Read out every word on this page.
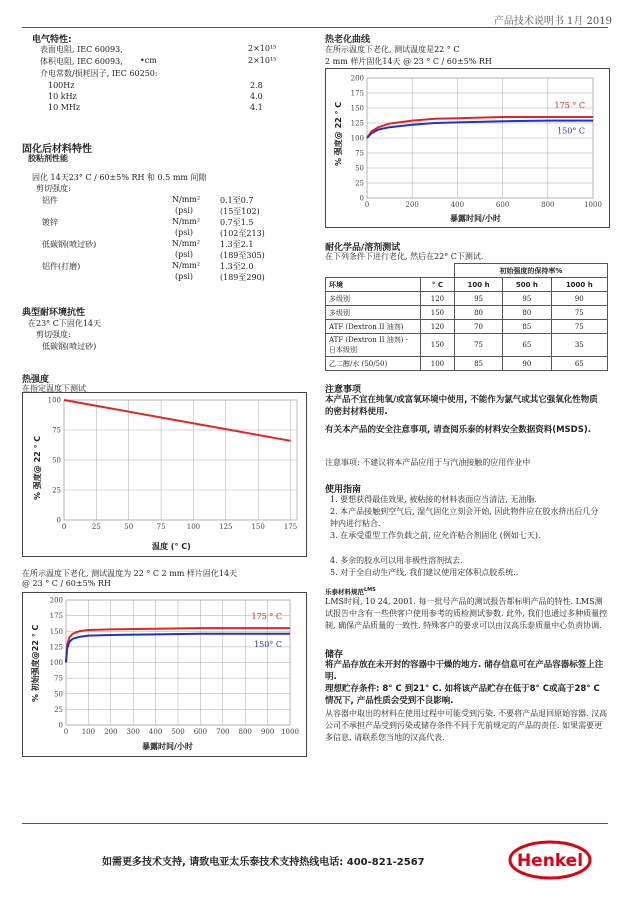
产品技术说明书 1月 2019
电气特性:
表面电阻, IEC 60093,	2×10¹⁵
体积电阻, IEC 60093, •cm	2×10¹⁵
介电常数/损耗因子, IEC 60250:
100Hz	2.8
10 kHz	4.0
10 MHz	4.1
固化后材料特性
胶粘剂性能
固化 14天23° C / 60±5% RH 和 0.5 mm 间隙
剪切强度:
铝件	N/mm² 0.1至0.7
(psi)	(15至102)
镀锌	N/mm² 0.7至1.5
(psi)	(102至213)
低碳钢(喷过砂)	N/mm² 1.3至2.1
(psi)	(189至305)
铝件(打磨)	N/mm² 1.3至2.0
(psi)	(189至290)
典型耐环境抗性
在23° C下固化14天
剪切强度:
低碳钢(喷过砂)
热强度
在指定温度下测试
0	25	50	75	100	125	150	175
0
25
50
75
100
% 强度@ 22 ° C
温度 (° C)
在所示温度下老化, 测试温度为 22 ° C 2 mm 样片固化14天
@ 23 ° C / 60±5% RH
0 100 200 300 400 500 600 700 800 900 1000
0
25
50
75
100
125
150
175
200
175 ° C
150° C
% 初始强度@22 ° C
暴露时间/小时
热老化曲线
在所示温度下老化, 测试温度是22 ° C
2 mm 样片固化14天 @ 23 ° C / 60±5% RH
0	200	400	600	800	1000
0
25
50
75
100
125
150
175
200
175 ° C
150° C
% 强度@ 22 ° C
暴露时间/小时
耐化学品/溶剂测试
在下列条件下进行老化, 然后在22° C下测试.
		初始强度的保持率%		
环境	° C	100 h	500 h	1000 h
多级别	120	95	95	90
多级别	150	80	80	75
ATF (Dextron II 油剂)	120	70	85	75
ATF (Dextron II 油剂) - 日本级别	150	75	65	35
乙二醇/水 (50/50)	100	85	90	65
注意事项
本产品不宜在纯氧/或富氧环境中使用, 不能作为氯气或其它强氧化性物质的密封材料使用.
有关本产品的安全注意事项, 请查阅乐泰的材料安全数据资料(MSDS).
注意事项: 不建议将本产品应用于与汽油接触的应用作业中
使用指南
1. 要想获得最佳效果, 被粘接的材料表面应当清洁, 无油脂.
2. 本产品接触到空气后, 湿气固化立刻会开始, 因此物件应在胶水挤出后几分钟内进行粘合.
3. 在承受重型工作负载之前, 应允许粘合剂固化 (例如七天).
4. 多余的胶水可以用非极性溶剂拭去.
5. 对于全自动生产线, 我们建议使用定体积点胶系统..
乐泰材料规范$^{LMS}$
LMS时间, 10 24, 2001. 每一批号产品的测试报告都标明产品的特性. LMS测试报告中含有一些供客户使用参考的质检测试参数. 此外, 我们也通过多种质量控制, 确保产品质量的一致性. 特殊客户的要求可以由汉高乐泰质量中心负责协调.
储存
将产品存放在未开封的容器中干燥的地方. 储存信息可在产品容器标签上注明.
理想贮存条件: 8° C 到21° C. 如将该产品贮存在低于8° C或高于28° C情况下, 产品性质会受到不良影响.
从容器中取出的材料在使用过程中可能受到污染. 不要将产品退回原始容器. 汉高公司不承担产品受到污染或储存条件不同于先前规定的产品的责任. 如果需要更多信息, 请联系您当地的汉高代表.
如需更多技术支持, 请致电亚太乐泰技术支持热线电话: 400-821-2567	Henkel
